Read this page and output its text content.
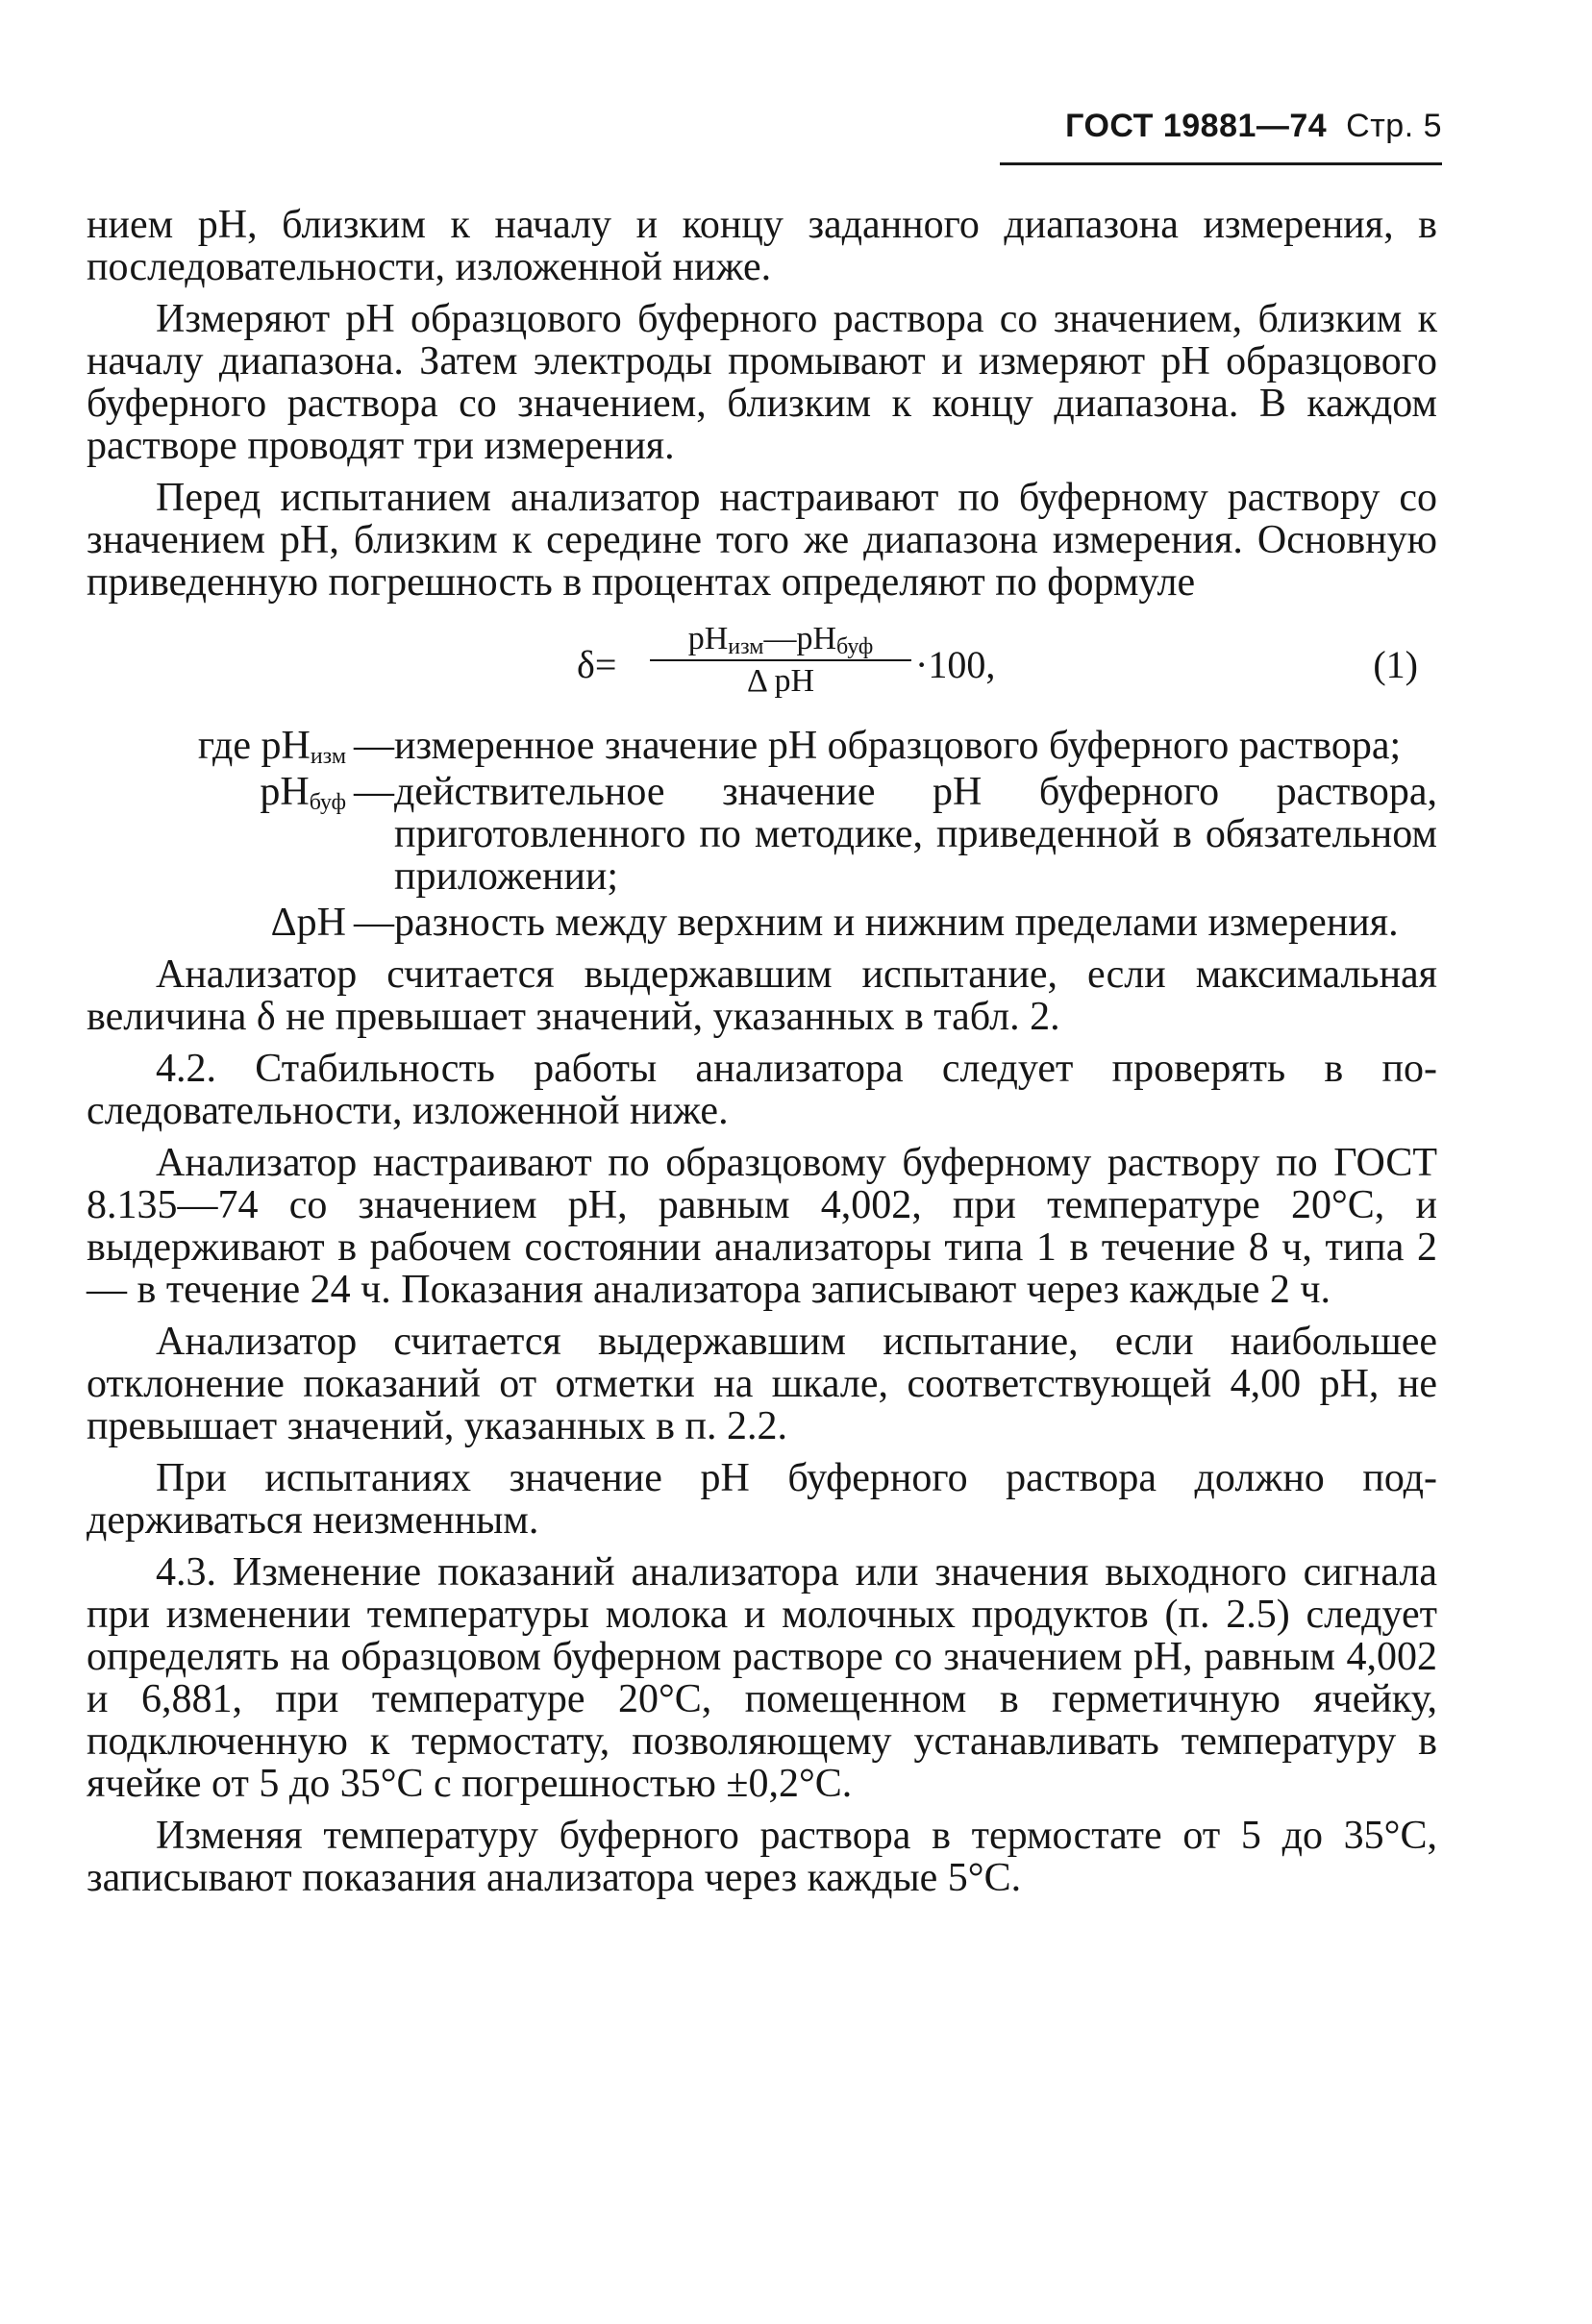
ГОСТ 19881—74 Стр. 5

нием pH, близким к началу и концу заданного диапазона измерения, в последовательности, изложенной ниже.

Измеряют pH образцового буферного раствора со значением, близким к началу диапазона. Затем электроды промывают и измеряют pH образцового буферного раствора со значением, близким к концу диапазона. В каждом растворе проводят три измерения.

Перед испытанием анализатор настраивают по буферному раствору со значением pH, близким к середине того же диапазона измерения. Основную приведенную погрешность в процентах определяют по формуле

δ=
$pH_{изм}—pH_{буф}$
Δ pH	·100,	(1)
где $pH_{изм}$ — измеренное значение pH образцового буферного раствора;
$pH_{буф}$ — действительное значение pH буферного раствора, приготовленного по методике, приведенной в обязательном приложении;
ΔpH — разность между верхним и нижним пределами измерения.

Анализатор считается выдержавшим испытание, если максимальная величина δ не превышает значений, указанных в табл. 2.

4.2. Стабильность работы анализатора следует проверять в последовательности, изложенной ниже.

Анализатор настраивают по образцовому буферному раствору по ГОСТ 8.135—74 со значением pH, равным 4,002, при температуре 20°C, и выдерживают в рабочем состоянии анализаторы типа 1 в течение 8 ч, типа 2 — в течение 24 ч. Показания анализатора записывают через каждые 2 ч.

Анализатор считается выдержавшим испытание, если наибольшее отклонение показаний от отметки на шкале, соответствующей 4,00 pH, не превышает значений, указанных в п. 2.2.

При испытаниях значение pH буферного раствора должно поддерживаться неизменным.

4.3. Изменение показаний анализатора или значения выходного сигнала при изменении температуры молока и молочных продуктов (п. 2.5) следует определять на образцовом буферном растворе со значением pH, равным 4,002 и 6,881, при температуре 20°C, помещенном в герметичную ячейку, подключенную к термостату, позволяющему устанавливать температуру в ячейке от 5 до 35°C с погрешностью ±0,2°C.

Изменяя температуру буферного раствора в термостате от 5 до 35°C, записывают показания анализатора через каждые 5°C.
